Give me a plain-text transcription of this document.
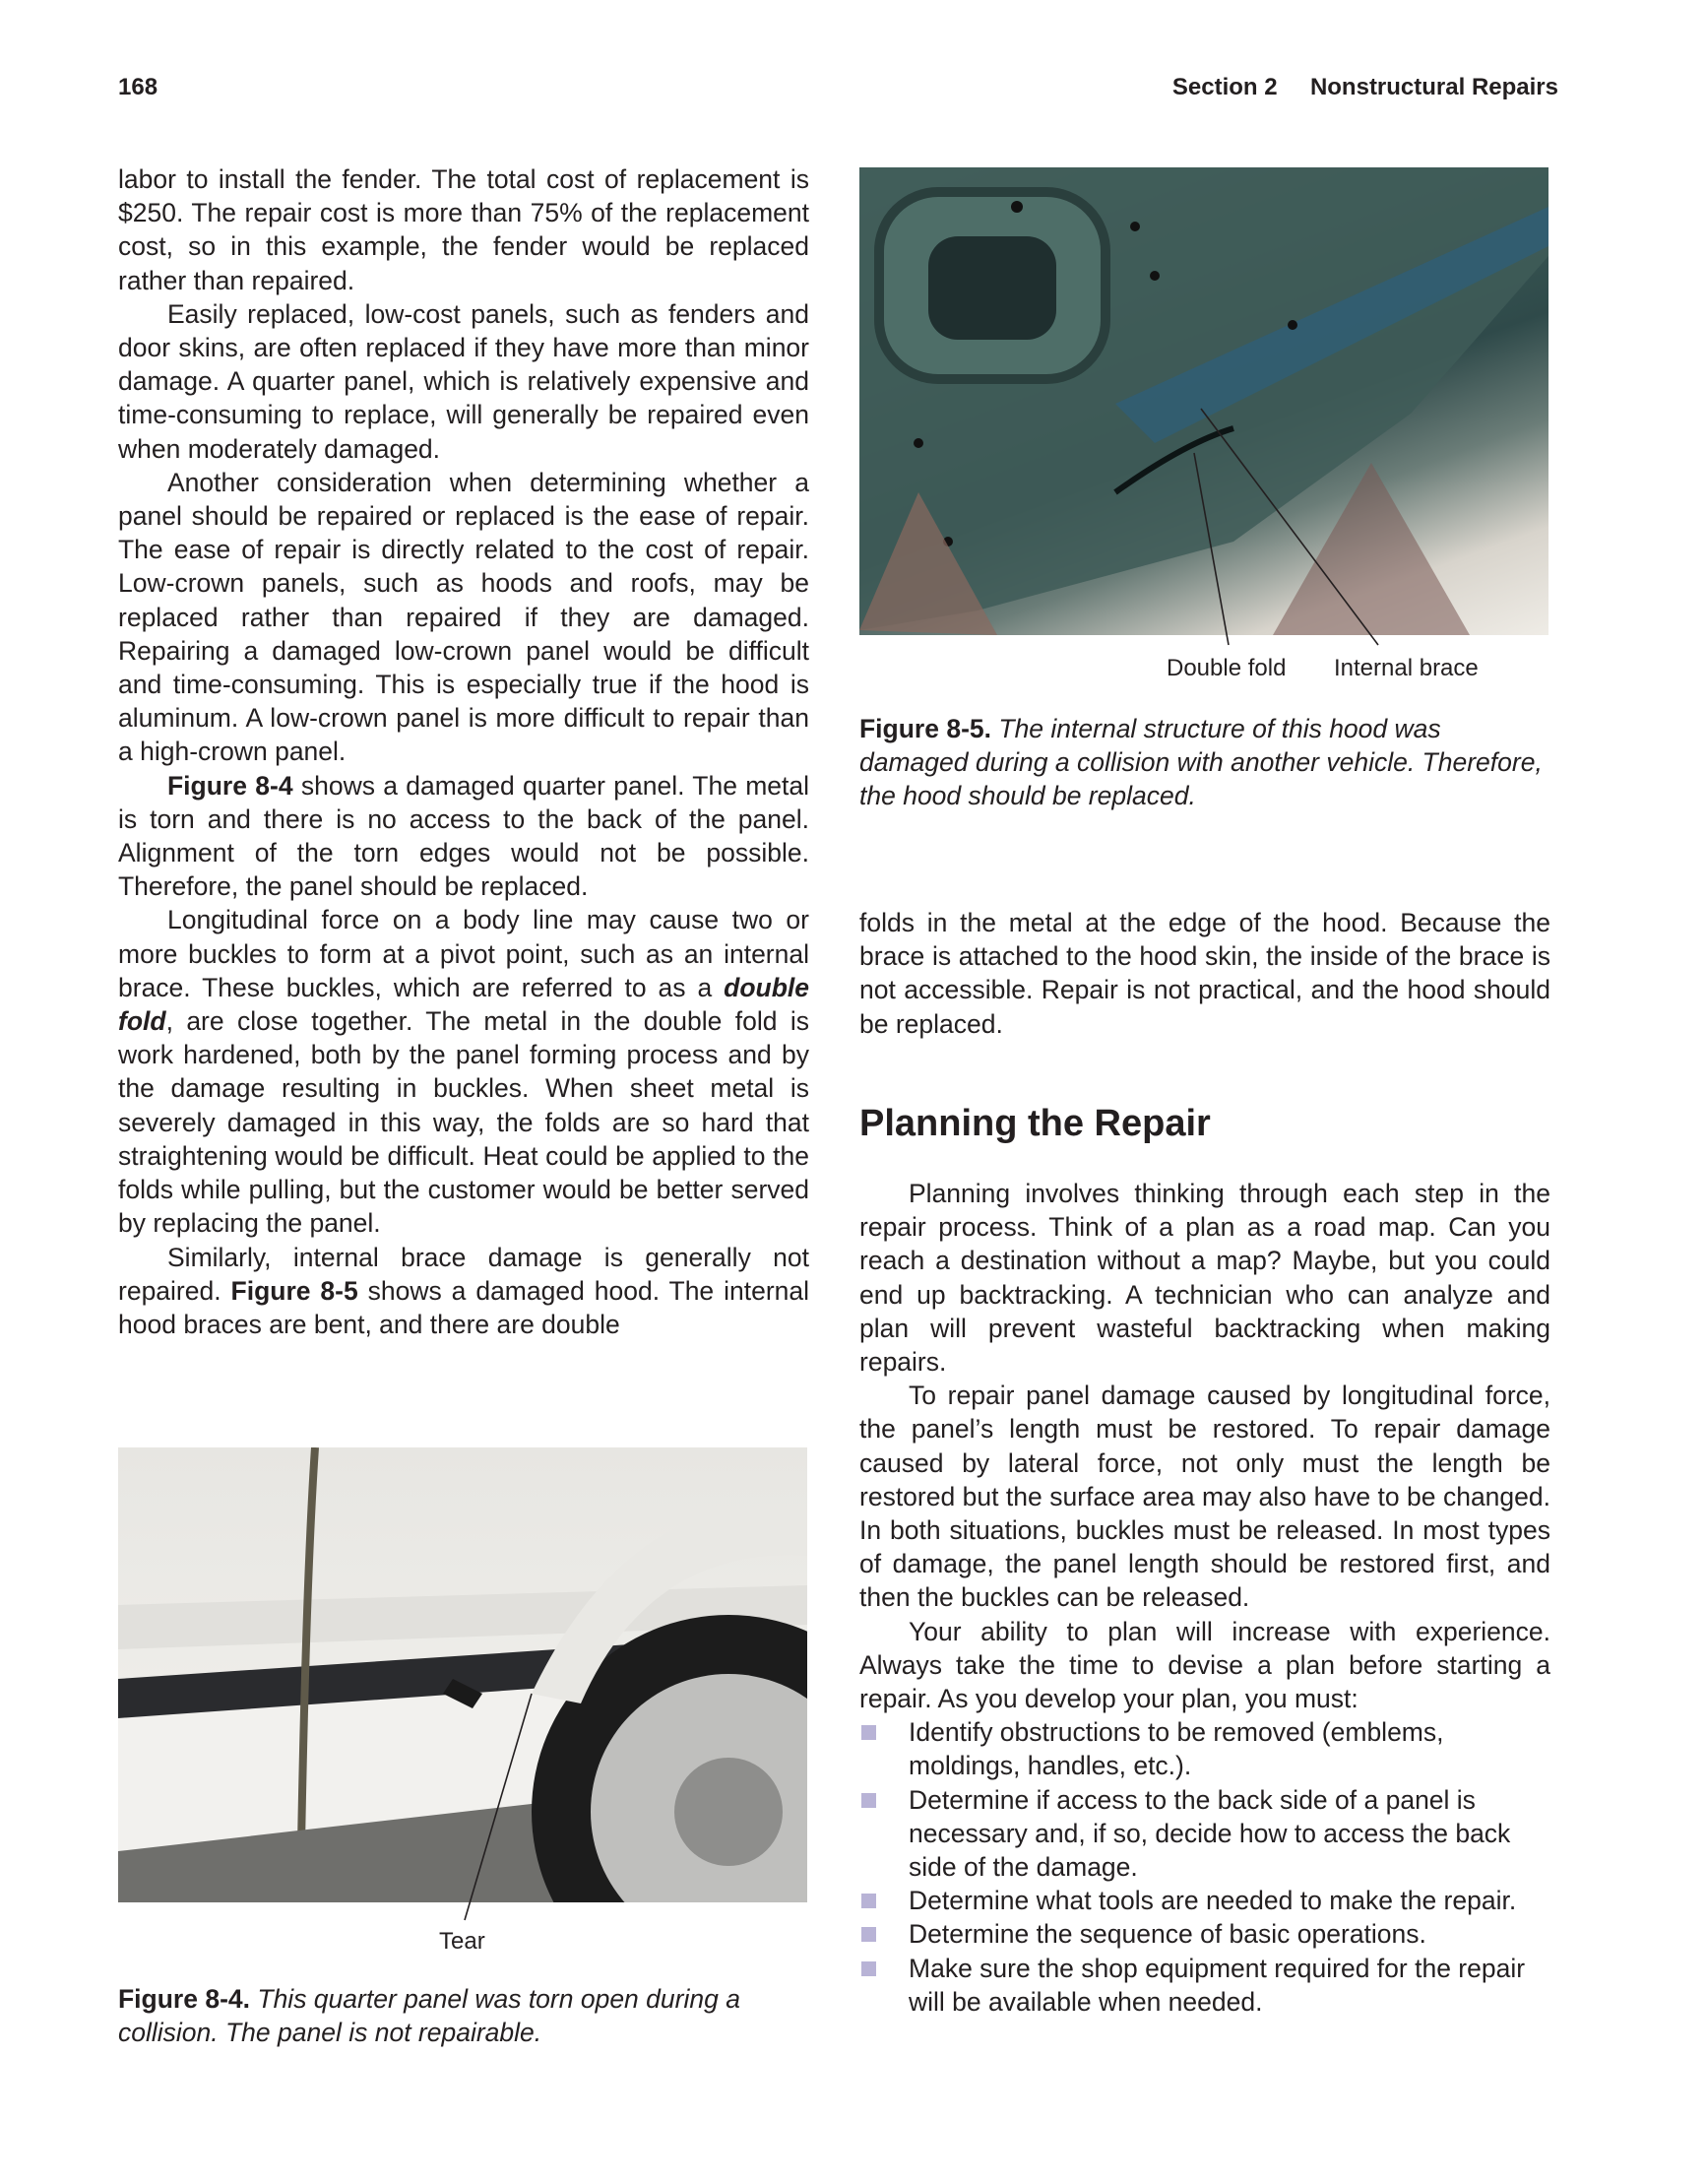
168	Section 2 Nonstructural Repairs

labor to install the fender. The total cost of replacement is $250. The repair cost is more than 75% of the replacement cost, so in this example, the fender would be replaced rather than repaired.

Easily replaced, low-cost panels, such as fenders and door skins, are often replaced if they have more than minor damage. A quarter panel, which is relatively expensive and time-consuming to replace, will generally be repaired even when moderately damaged.

Another consideration when determining whether a panel should be repaired or replaced is the ease of repair. The ease of repair is directly related to the cost of repair. Low-crown panels, such as hoods and roofs, may be replaced rather than repaired if they are damaged. Repairing a damaged low-crown panel would be difficult and time-consuming. This is especially true if the hood is aluminum. A low-crown panel is more difficult to repair than a high-crown panel.

Figure 8-4 shows a damaged quarter panel. The metal is torn and there is no access to the back of the panel. Alignment of the torn edges would not be possible. Therefore, the panel should be replaced.

Longitudinal force on a body line may cause two or more buckles to form at a pivot point, such as an internal brace. These buckles, which are referred to as a double fold, are close together. The metal in the double fold is work hardened, both by the panel forming process and by the damage resulting in buckles. When sheet metal is severely damaged in this way, the folds are so hard that straightening would be difficult. Heat could be applied to the folds while pulling, but the customer would be better served by replacing the panel.

Similarly, internal brace damage is generally not repaired. Figure 8-5 shows a damaged hood. The internal hood braces are bent, and there are double

Double fold Internal brace
Figure 8-5. The internal structure of this hood was damaged during a collision with another vehicle. Therefore, the hood should be replaced.
Tear
Figure 8-4. This quarter panel was torn open during a collision. The panel is not repairable.

folds in the metal at the edge of the hood. Because the brace is attached to the hood skin, the inside of the brace is not accessible. Repair is not practical, and the hood should be replaced.

Planning the Repair

Planning involves thinking through each step in the repair process. Think of a plan as a road map. Can you reach a destination without a map? Maybe, but you could end up backtracking. A technician who can analyze and plan will prevent wasteful backtracking when making repairs.

To repair panel damage caused by longitudinal force, the panel’s length must be restored. To repair damage caused by lateral force, not only must the length be restored but the surface area may also have to be changed. In both situations, buckles must be released. In most types of damage, the panel length should be restored first, and then the buckles can be released.

Your ability to plan will increase with experience. Always take the time to devise a plan before starting a repair. As you develop your plan, you must:

Identify obstructions to be removed (emblems, moldings, handles, etc.).
Determine if access to the back side of a panel is necessary and, if so, decide how to access the back side of the damage.
Determine what tools are needed to make the repair.
Determine the sequence of basic operations.
Make sure the shop equipment required for the repair will be available when needed.
